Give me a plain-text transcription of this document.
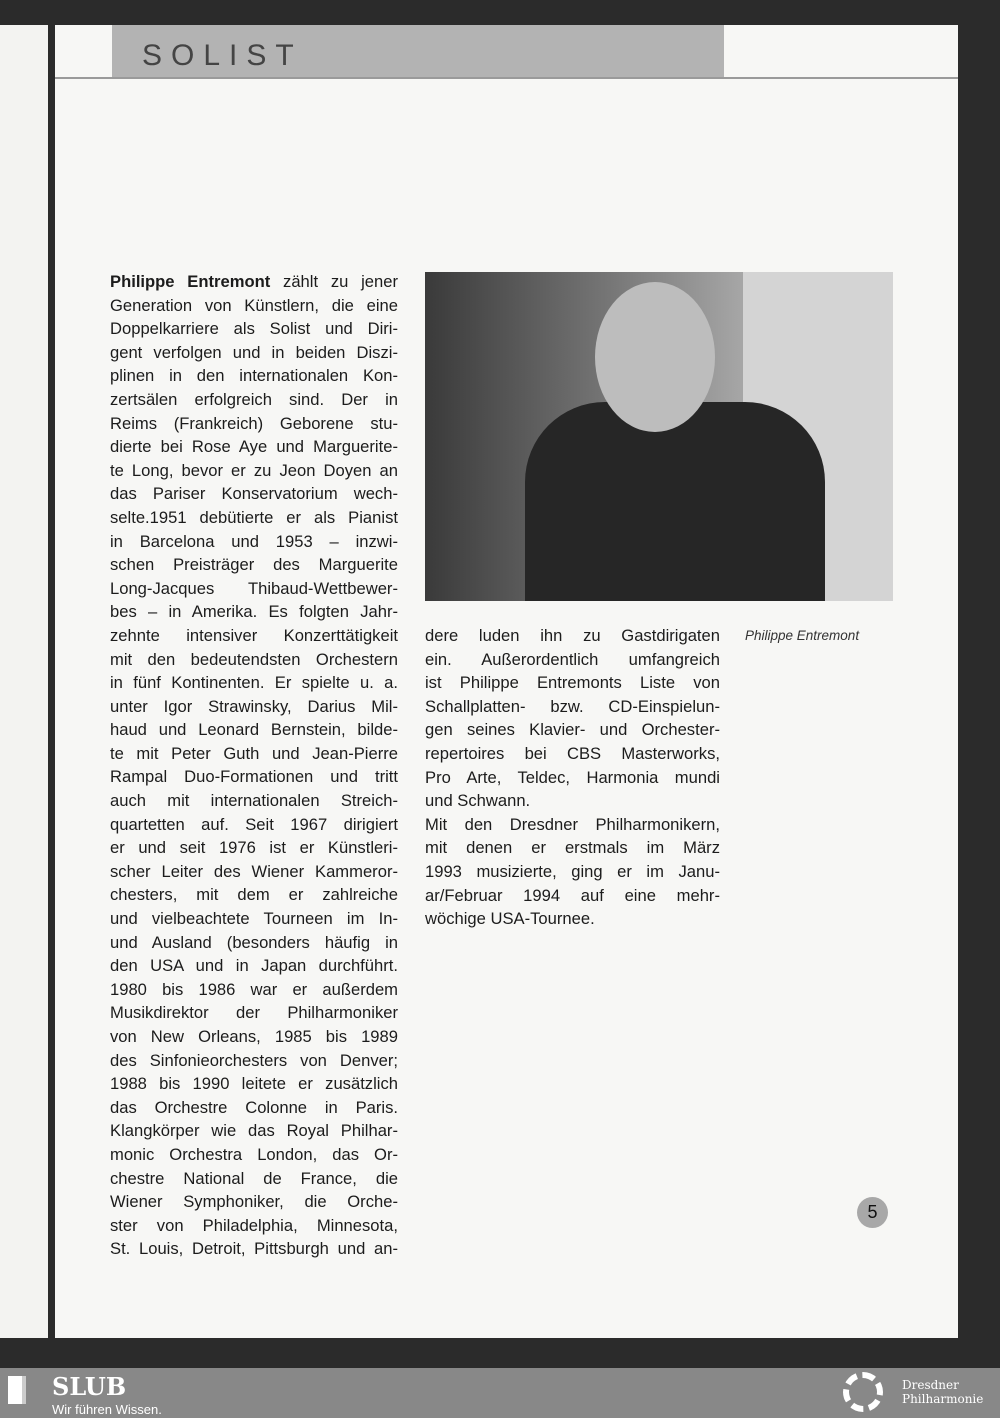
SOLIST
Philippe Entremont zählt zu jener
Generation von Künstlern, die eine
Doppelkarriere als Solist und Diri-
gent verfolgen und in beiden Diszi-
plinen in den internationalen Kon-
zertsälen erfolgreich sind. Der in
Reims (Frankreich) Geborene stu-
dierte bei Rose Aye und Marguerite-
te Long, bevor er zu Jeon Doyen an
das Pariser Konservatorium wech-
selte.1951 debütierte er als Pianist
in Barcelona und 1953 – inzwi-
schen Preisträger des Marguerite
Long-Jacques Thibaud-Wettbewer-
bes – in Amerika. Es folgten Jahr-
zehnte intensiver Konzerttätigkeit
mit den bedeutendsten Orchestern
in fünf Kontinenten. Er spielte u. a.
unter Igor Strawinsky, Darius Mil-
haud und Leonard Bernstein, bilde-
te mit Peter Guth und Jean-Pierre
Rampal Duo-Formationen und tritt
auch mit internationalen Streich-
quartetten auf. Seit 1967 dirigiert
er und seit 1976 ist er Künstleri-
scher Leiter des Wiener Kammeror-
chesters, mit dem er zahlreiche
und vielbeachtete Tourneen im In-
und Ausland (besonders häufig in
den USA und in Japan durchführt.
1980 bis 1986 war er außerdem
Musikdirektor der Philharmoniker
von New Orleans, 1985 bis 1989
des Sinfonieorchesters von Denver;
1988 bis 1990 leitete er zusätzlich
das Orchestre Colonne in Paris.
Klangkörper wie das Royal Philhar-
monic Orchestra London, das Or-
chestre National de France, die
Wiener Symphoniker, die Orche-
ster von Philadelphia, Minnesota,
St. Louis, Detroit, Pittsburgh und an-
Philippe Entremont
dere luden ihn zu Gastdirigaten
ein. Außerordentlich umfangreich
ist Philippe Entremonts Liste von
Schallplatten- bzw. CD-Einspielun-
gen seines Klavier- und Orchester-
repertoires bei CBS Masterworks,
Pro Arte, Teldec, Harmonia mundi
und Schwann.
Mit den Dresdner Philharmonikern,
mit denen er erstmals im März
1993 musizierte, ging er im Janu-
ar/Februar 1994 auf eine mehr-
wöchige USA-Tournee.
5
SLUB
Wir führen Wissen.
Dresdner
Philharmonie
